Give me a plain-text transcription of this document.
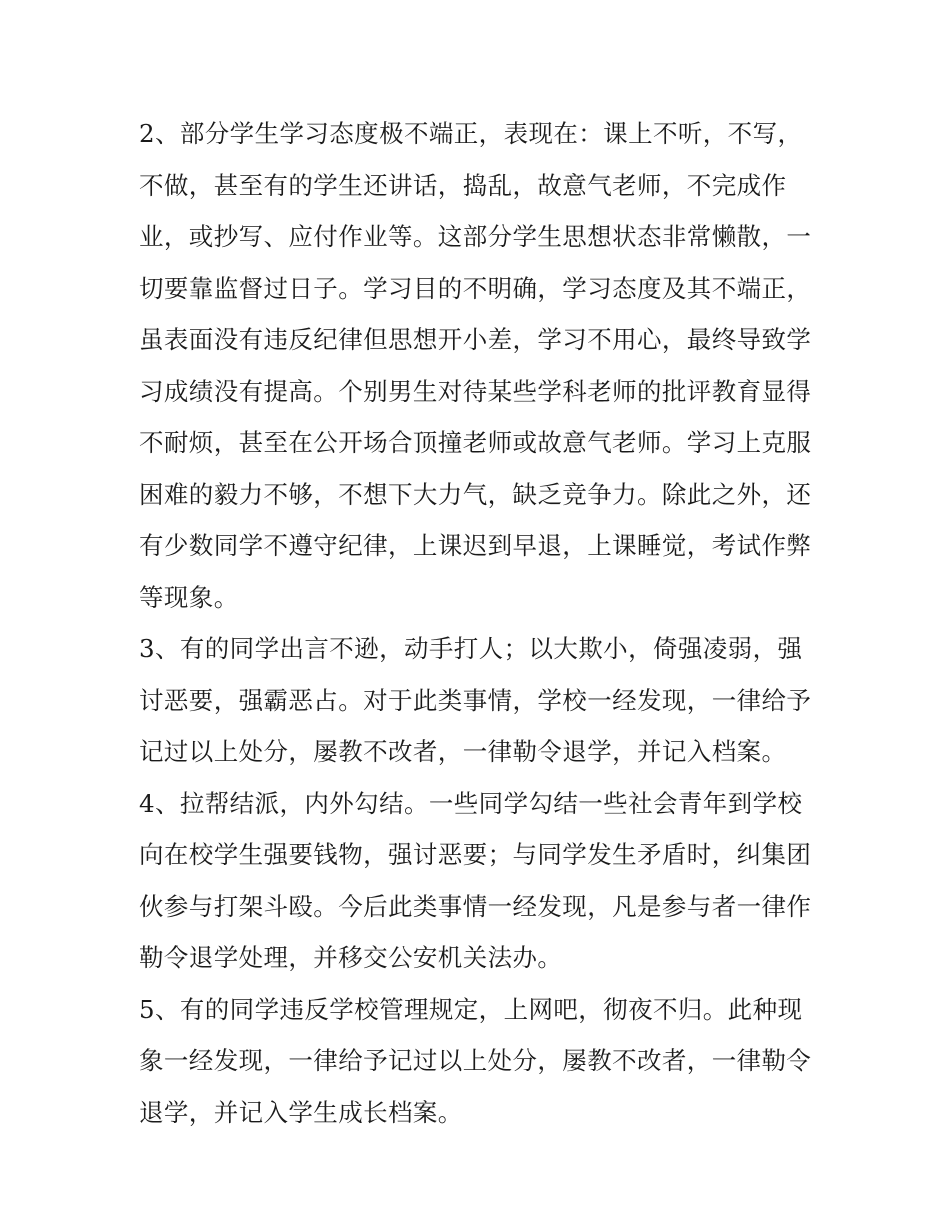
2、部分学生学习态度极不端正，表现在：课上不听，不写，
不做，甚至有的学生还讲话，捣乱，故意气老师，不完成作
业，或抄写、应付作业等。这部分学生思想状态非常懒散，一
切要靠监督过日子。学习目的不明确，学习态度及其不端正，
虽表面没有违反纪律但思想开小差，学习不用心，最终导致学
习成绩没有提高。个别男生对待某些学科老师的批评教育显得
不耐烦，甚至在公开场合顶撞老师或故意气老师。学习上克服
困难的毅力不够，不想下大力气，缺乏竞争力。除此之外，还
有少数同学不遵守纪律，上课迟到早退，上课睡觉，考试作弊
等现象。
3、有的同学出言不逊，动手打人；以大欺小，倚强凌弱，强
讨恶要，强霸恶占。对于此类事情，学校一经发现，一律给予
记过以上处分，屡教不改者，一律勒令退学，并记入档案。
4、拉帮结派，内外勾结。一些同学勾结一些社会青年到学校
向在校学生强要钱物，强讨恶要；与同学发生矛盾时，纠集团
伙参与打架斗殴。今后此类事情一经发现，凡是参与者一律作
勒令退学处理，并移交公安机关法办。
5、有的同学违反学校管理规定，上网吧，彻夜不归。此种现
象一经发现，一律给予记过以上处分，屡教不改者，一律勒令
退学，并记入学生成长档案。
